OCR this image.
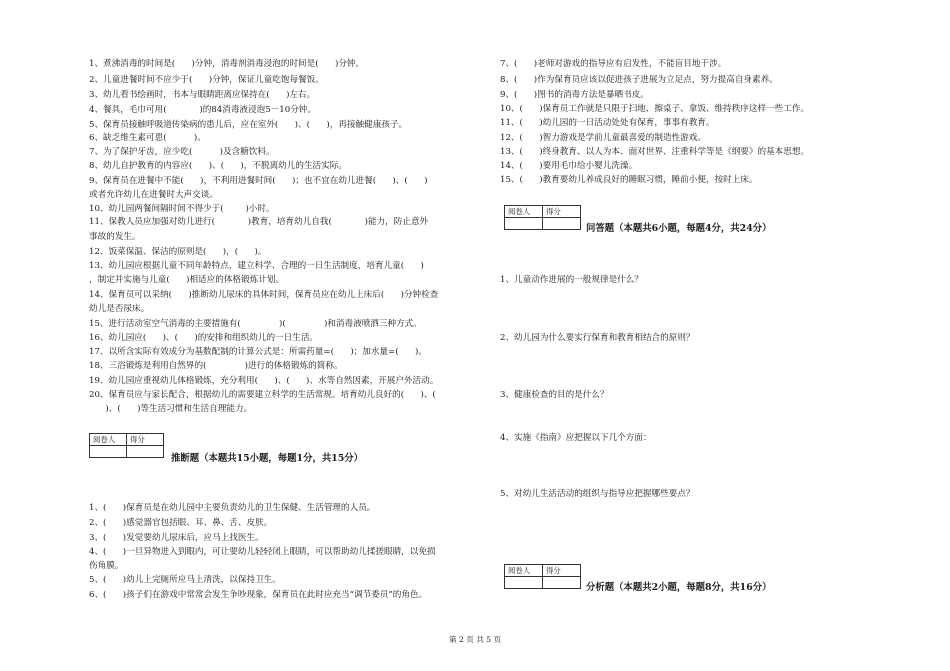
1、煮沸消毒的时间是(      )分钟，消毒剂消毒浸泡的时间是(      )分钟。
2、儿童进餐时间不应少于(      )分钟，保证儿童吃饱每餐饭。
3、幼儿看书绘画时，书本与眼睛距离应保持在(      )左右。
4、餐具，毛巾可用(            )的84消毒液浸泡5－10分钟。
5、保育员接触呼吸道传染病的患儿后，应在室外(      )、(      )，再接触健康孩子。
6、缺乏维生素可患(          )。
7、为了保护牙齿，应少吃(          )及含糖饮料。
8、幼儿自护教育的内容应(      )、(      )，不脱离幼儿的生活实际。
9、保育员在进餐中不能(      )，不利用进餐时间(      )；也不宜在幼儿进餐(      )、(      )
或者允许幼儿在进餐时大声交谈。
10、幼儿园两餐间隔时间不得少于(        )小时。
11、保教人员应加强对幼儿进行(            )教育，培育幼儿自我(            )能力，防止意外
事故的发生。
12、饭菜保温、保洁的原则是(      )，(      )。
13、幼儿园应根据儿童不同年龄特点，建立科学、合理的一日生活制度，培育儿童(      )
，制定并实施与儿童(      )相适应的体格锻炼计划。
14、保育员可以采纳(      )推断幼儿尿床的具体时间，保育员应在幼儿上床后(      )分钟检查
幼儿是否尿床。
15、进行活动室空气消毒的主要措施有(              )(              )和消毒液喷洒三种方式。
16、幼儿园应(      )、(      )的安排和组织幼儿的一日生活。
17、以所含实际有效成分为基数配制的计算公式是：所需药量=(      )；加水量=(      )。
18、三浴锻炼是利用自然界的(              )进行的体格锻炼的简称。
19、幼儿园应重视幼儿体格锻炼，充分利用(      )、(      )、水等自然因素，开展户外活动。
20、保育员应与家长配合，根据幼儿的需要建立科学的生活常规。培育幼儿良好的(      )、(
)、(      )等生活习惯和生活自理能力。
阅卷人	得分

推断题（本题共15小题，每题1分，共15分）
1、(      )保育员是在幼儿园中主要负责幼儿的卫生保健、生活管理的人员。
2、(      )感觉器官包括眼、耳、鼻、舌、皮肤。
3、(      )发觉要幼儿尿床后，应马上找医生。
4、(      )一旦异物进入到眼内，可让要幼儿轻轻闭上眼睛，可以帮助幼儿揉搓眼睛，以免损
伤角膜。
5、(      )幼儿上完厕所应马上清洗，以保持卫生。
6、(      )孩子们在游戏中常常会发生争吵现象，保育员在此时应充当“调节委员”的角色。
7、(      )老师对游戏的指导应有启发性，不能盲目地干涉。
8、(      )作为保育员应该以促进孩子进展为立足点，努力提高自身素养。
9、(      )图书的消毒方法是暴晒书皮。
10、(      )保育员工作就是只限于扫地、擦桌子、拿饭、维持秩序这样一些工作。
11、(      )幼儿园的一日活动处处有保育，事事有教育。
12、(      )智力游戏是学前儿童最喜爱的制造性游戏。
13、(      )终身教育、以人为本、面对世界、注重科学等是《纲要》的基本思想。
14、(      )要用毛巾给小婴儿洗澡。
15、(      )教育要幼儿养成良好的睡眠习惯，睡前小便，按时上床。
阅卷人	得分

问答题（本题共6小题，每题4分，共24分）
1、儿童动作进展的一般规律是什么？
2、幼儿园为什么要实行保育和教育相结合的原则？
3、健康检查的目的是什么？
4、实施《指南》应把握以下几个方面：
5、对幼儿生活活动的组织与指导应把握哪些要点？
阅卷人	得分

分析题（本题共2小题，每题8分，共16分）
第 2 页 共 5 页
